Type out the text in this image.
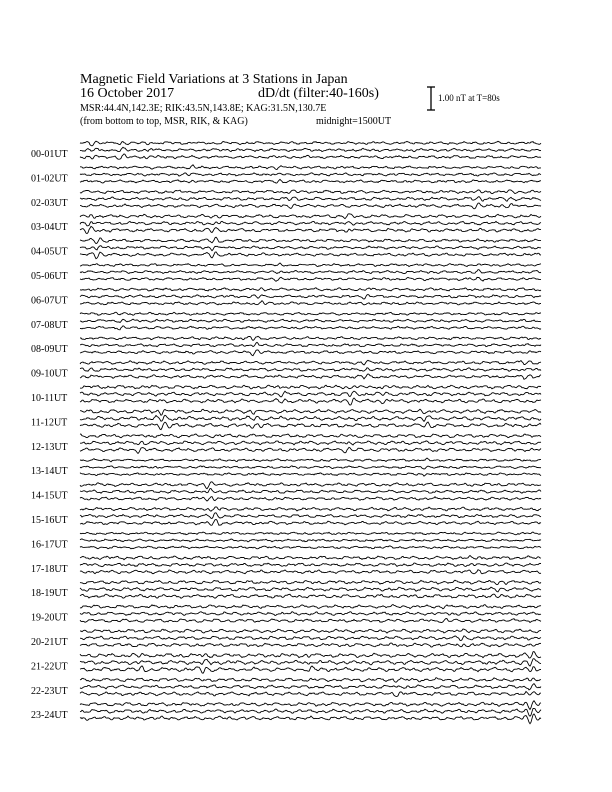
Magnetic Field Variations at 3 Stations in Japan
16 October 2017	dD/dt (filter:40-160s)
MSR:44.4N,142.3E; RIK:43.5N,143.8E; KAG:31.5N,130.7E
(from bottom to top, MSR, RIK, & KAG)	midnight=1500UT
1.00 nT at T=80s
00-01UT
01-02UT
02-03UT
03-04UT
04-05UT
05-06UT
06-07UT
07-08UT
08-09UT
09-10UT
10-11UT
11-12UT
12-13UT
13-14UT
14-15UT
15-16UT
16-17UT
17-18UT
18-19UT
19-20UT
20-21UT
21-22UT
22-23UT
23-24UT
